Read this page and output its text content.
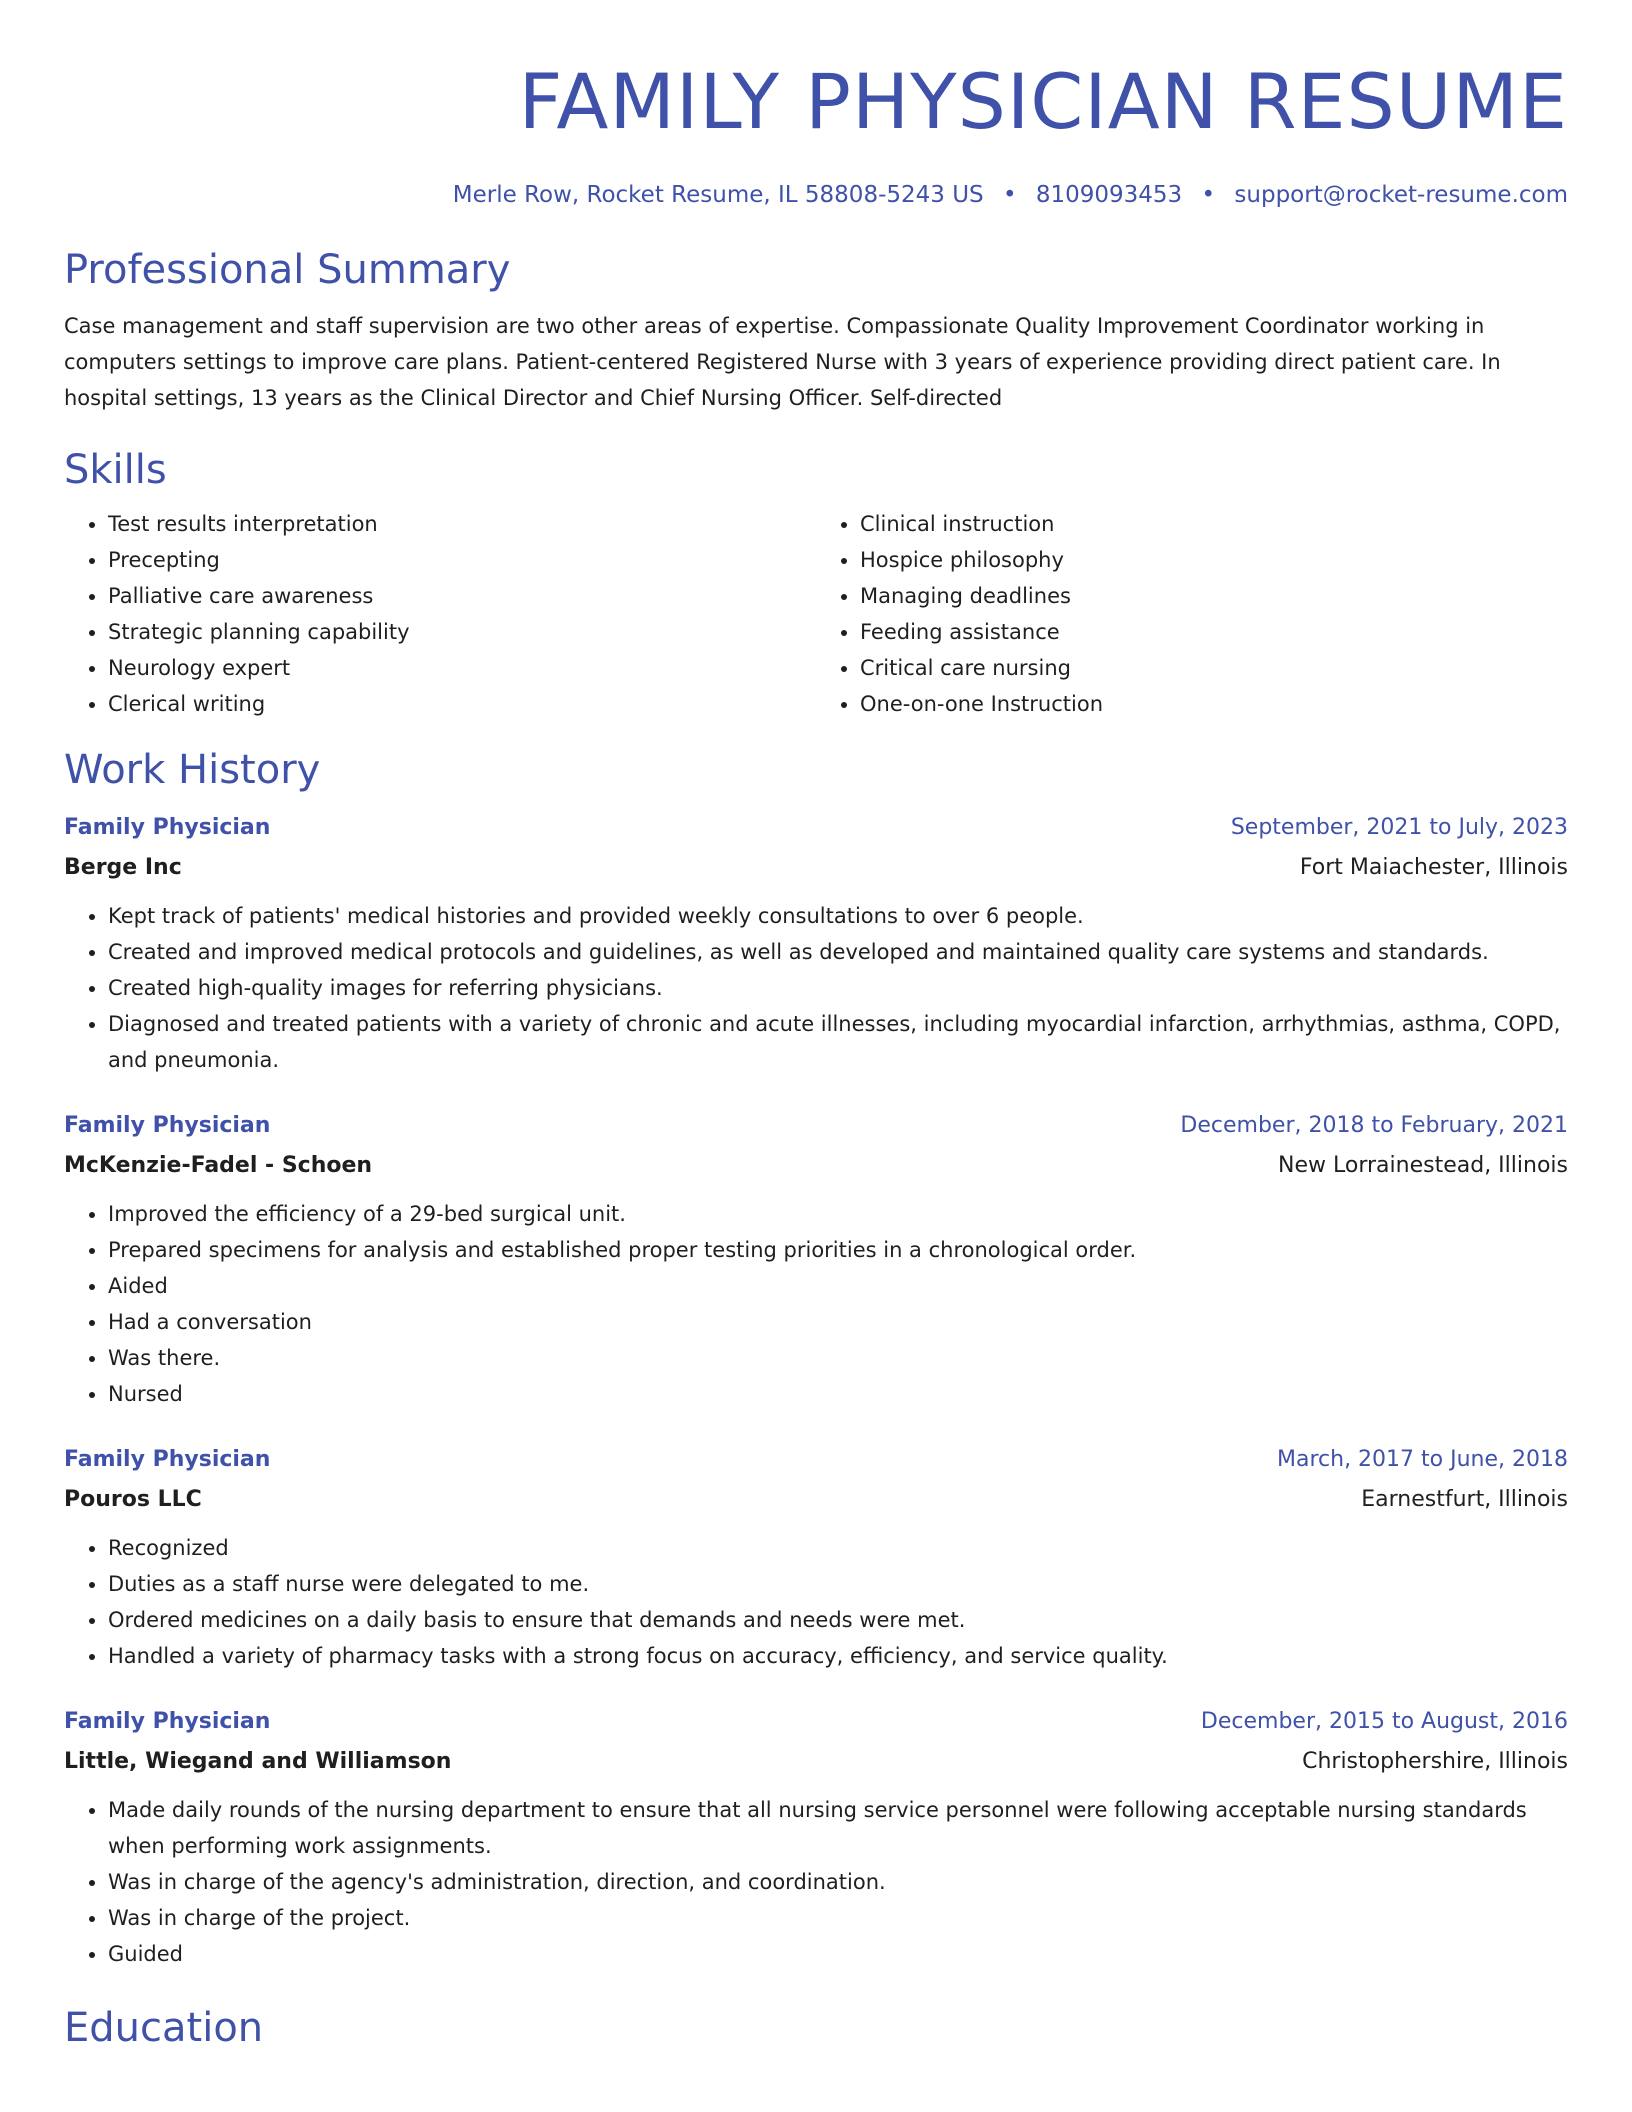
FAMILY PHYSICIAN RESUME
Merle Row, Rocket Resume, IL 58808-5243 US • 8109093453 • support@rocket-resume.com
Professional Summary
Case management and staff supervision are two other areas of expertise. Compassionate Quality Improvement Coordinator working in computers settings to improve care plans. Patient-centered Registered Nurse with 3 years of experience providing direct patient care. In hospital settings, 13 years as the Clinical Director and Chief Nursing Officer. Self-directed
Skills
• Test results interpretation
• Precepting
• Palliative care awareness
• Strategic planning capability
• Neurology expert
• Clerical writing
• Clinical instruction
• Hospice philosophy
• Managing deadlines
• Feeding assistance
• Critical care nursing
• One-on-one Instruction
Work History
Family Physician	September, 2021 to July, 2023
Berge Inc	Fort Maiachester, Illinois
• Kept track of patients' medical histories and provided weekly consultations to over 6 people.
• Created and improved medical protocols and guidelines, as well as developed and maintained quality care systems and standards.
• Created high-quality images for referring physicians.
• Diagnosed and treated patients with a variety of chronic and acute illnesses, including myocardial infarction, arrhythmias, asthma, COPD, and pneumonia.
Family Physician	December, 2018 to February, 2021
McKenzie-Fadel - Schoen	New Lorrainestead, Illinois
• Improved the efficiency of a 29-bed surgical unit.
• Prepared specimens for analysis and established proper testing priorities in a chronological order.
• Aided
• Had a conversation
• Was there.
• Nursed
Family Physician	March, 2017 to June, 2018
Pouros LLC	Earnestfurt, Illinois
• Recognized
• Duties as a staff nurse were delegated to me.
• Ordered medicines on a daily basis to ensure that demands and needs were met.
• Handled a variety of pharmacy tasks with a strong focus on accuracy, efficiency, and service quality.
Family Physician	December, 2015 to August, 2016
Little, Wiegand and Williamson	Christophershire, Illinois
• Made daily rounds of the nursing department to ensure that all nursing service personnel were following acceptable nursing standards when performing work assignments.
• Was in charge of the agency's administration, direction, and coordination.
• Was in charge of the project.
• Guided
Education
